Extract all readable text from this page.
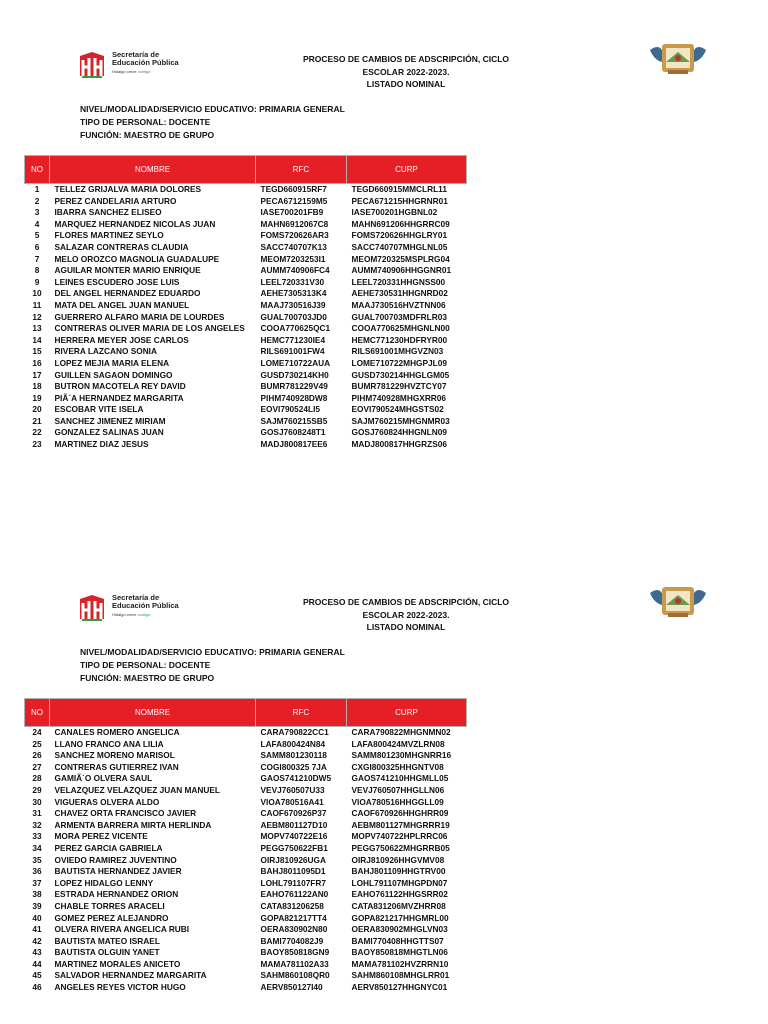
Secretaría de
Educación Pública
Hidalgo crece contigo
PROCESO DE CAMBIOS DE ADSCRIPCIÓN, CICLO
ESCOLAR 2022-2023.
LISTADO NOMINAL
NIVEL/MODALIDAD/SERVICIO EDUCATIVO: PRIMARIA GENERAL
TIPO DE PERSONAL: DOCENTE
FUNCIÓN: MAESTRO DE GRUPO
NO	NOMBRE	RFC	CURP
1	TELLEZ GRIJALVA MARIA DOLORES	TEGD660915RF7	TEGD660915MMCLRL11
2	PEREZ CANDELARIA ARTURO	PECA6712159M5	PECA671215HHGRNR01
3	IBARRA SANCHEZ ELISEO	IASE700201FB9	IASE700201HGBNL02
4	MARQUEZ HERNANDEZ NICOLAS JUAN	MAHN6912067C8	MAHN691206HHGRRC09
5	FLORES MARTINEZ SEYLO	FOMS720626AR3	FOMS720626HHGLRY01
6	SALAZAR CONTRERAS CLAUDIA	SACC740707K13	SACC740707MHGLNL05
7	MELO OROZCO MAGNOLIA GUADALUPE	MEOM7203253I1	MEOM720325MSPLRG04
8	AGUILAR MONTER MARIO ENRIQUE	AUMM740906FC4	AUMM740906HHGGNR01
9	LEINES ESCUDERO JOSE LUIS	LEEL720331V30	LEEL720331HHGNSS00
10	DEL ANGEL HERNANDEZ EDUARDO	AEHE7305313K4	AEHE730531HHGNRD02
11	MATA DEL ANGEL JUAN MANUEL	MAAJ730516J39	MAAJ730516HVZTNN06
12	GUERRERO ALFARO MARIA DE LOURDES	GUAL700703JD0	GUAL700703MDFRLR03
13	CONTRERAS OLIVER MARIA DE LOS ANGELES	COOA770625QC1	COOA770625MHGNLN00
14	HERRERA MEYER JOSE CARLOS	HEMC771230IE4	HEMC771230HDFRYR00
15	RIVERA LAZCANO SONIA	RILS691001FW4	RILS691001MHGVZN03
16	LOPEZ MEJIA MARIA ELENA	LOME710722AUA	LOME710722MHGPJL09
17	GUILLEN SAGAON DOMINGO	GUSD730214KH0	GUSD730214HHGLGM05
18	BUTRON MACOTELA REY DAVID	BUMR781229V49	BUMR781229HVZTCY07
19	PIÃ´A HERNANDEZ MARGARITA	PIHM740928DW8	PIHM740928MHGXRR06
20	ESCOBAR VITE ISELA	EOVI790524LI5	EOVI790524MHGSTS02
21	SANCHEZ JIMENEZ MIRIAM	SAJM760215SB5	SAJM760215MHGNMR03
22	GONZALEZ SALINAS JUAN	GOSJ7608248T1	GOSJ760824HHGNLN09
23	MARTINEZ DIAZ JESUS	MADJ800817EE6	MADJ800817HHGRZS06
Secretaría de
Educación Pública
Hidalgo crece contigo
PROCESO DE CAMBIOS DE ADSCRIPCIÓN, CICLO
ESCOLAR 2022-2023.
LISTADO NOMINAL
NIVEL/MODALIDAD/SERVICIO EDUCATIVO: PRIMARIA GENERAL
TIPO DE PERSONAL: DOCENTE
FUNCIÓN: MAESTRO DE GRUPO
NO	NOMBRE	RFC	CURP
24	CANALES ROMERO ANGELICA	CARA790822CC1	CARA790822MHGNMN02
25	LLANO FRANCO ANA LILIA	LAFA800424N84	LAFA800424MVZLRN08
26	SANCHEZ MORENO MARISOL	SAMM801230118	SAMM801230MHGNRR16
27	CONTRERAS GUTIERREZ IVAN	COGI800325 7JA	CXGI800325HHGNTV08
28	GAMIÃ´O OLVERA SAUL	GAOS741210DW5	GAOS741210HHGMLL05
29	VELAZQUEZ VELAZQUEZ JUAN MANUEL	VEVJ760507U33	VEVJ760507HHGLLN06
30	VIGUERAS OLVERA ALDO	VIOA780516A41	VIOA780516HHGGLL09
31	CHAVEZ ORTA FRANCISCO JAVIER	CAOF670926P37	CAOF670926HHGHRR09
32	ARMENTA BARRERA MIRTA HERLINDA	AEBM801127D10	AEBM801127MHGRRR19
33	MORA PEREZ VICENTE	MOPV740722E16	MOPV740722HPLRRC06
34	PEREZ GARCIA GABRIELA	PEGG750622FB1	PEGG750622MHGRRB05
35	OVIEDO RAMIREZ JUVENTINO	OIRJ810926UGA	OIRJ810926HHGVMV08
36	BAUTISTA HERNANDEZ JAVIER	BAHJ8011095D1	BAHJ801109HHGTRV00
37	LOPEZ HIDALGO LENNY	LOHL791107FR7	LOHL791107MHGPDN07
38	ESTRADA HERNANDEZ ORION	EAHO761122AN0	EAHO761122HHGSRR02
39	CHABLE TORRES ARACELI	CATA831206258	CATA831206MVZHRR08
40	GOMEZ PEREZ ALEJANDRO	GOPA821217TT4	GOPA821217HHGMRL00
41	OLVERA RIVERA ANGELICA RUBI	OERA830902N80	OERA830902MHGLVN03
42	BAUTISTA MATEO ISRAEL	BAMI7704082J9	BAMI770408HHGTTS07
43	BAUTISTA OLGUIN YANET	BAOY850818GN9	BAOY850818MHGTLN06
44	MARTINEZ MORALES ANICETO	MAMA781102A33	MAMA781102HVZRRN10
45	SALVADOR HERNANDEZ MARGARITA	SAHM860108QR0	SAHM860108MHGLRR01
46	ANGELES REYES VICTOR HUGO	AERV850127I40	AERV850127HHGNYC01
